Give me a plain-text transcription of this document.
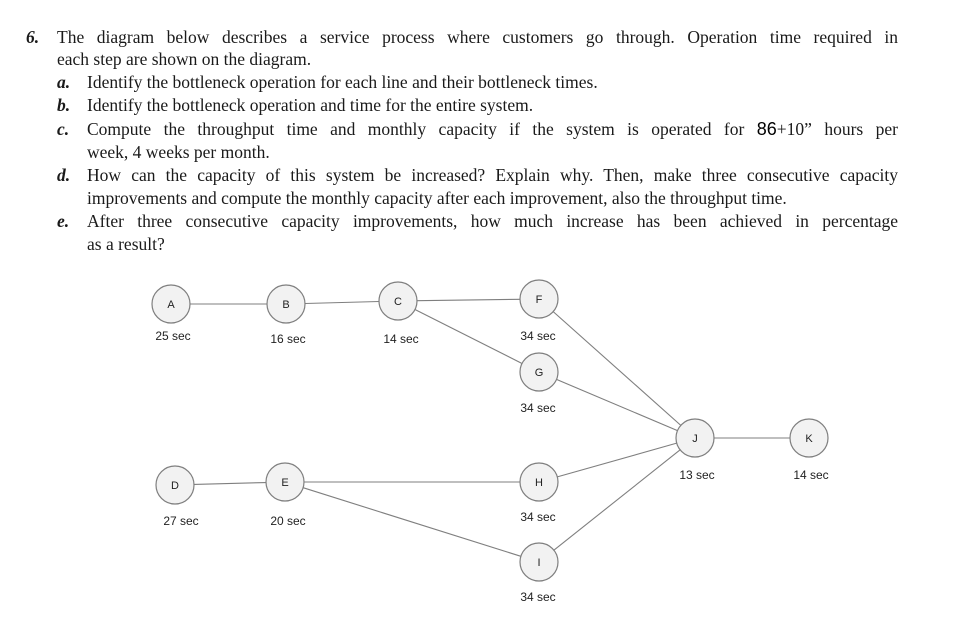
6. The diagram below describes a service process where customers go through. Operation time required in
each step are shown on the diagram.
a. Identify the bottleneck operation for each line and their bottleneck times.
b. Identify the bottleneck operation and time for the entire system.
c. Compute the throughput time and monthly capacity if the system is operated for 86+10” hours per
week, 4 weeks per month.
d. How can the capacity of this system be increased? Explain why. Then, make three consecutive capacity
improvements and compute the monthly capacity after each improvement, also the throughput time.
e. After three consecutive capacity improvements, how much increase has been achieved in percentage
as a result?
A
25 sec
B
16 sec
C
14 sec
F
34 sec
G
34 sec
J
13 sec
K
14 sec
D
27 sec
E
20 sec
H
34 sec
I
34 sec
